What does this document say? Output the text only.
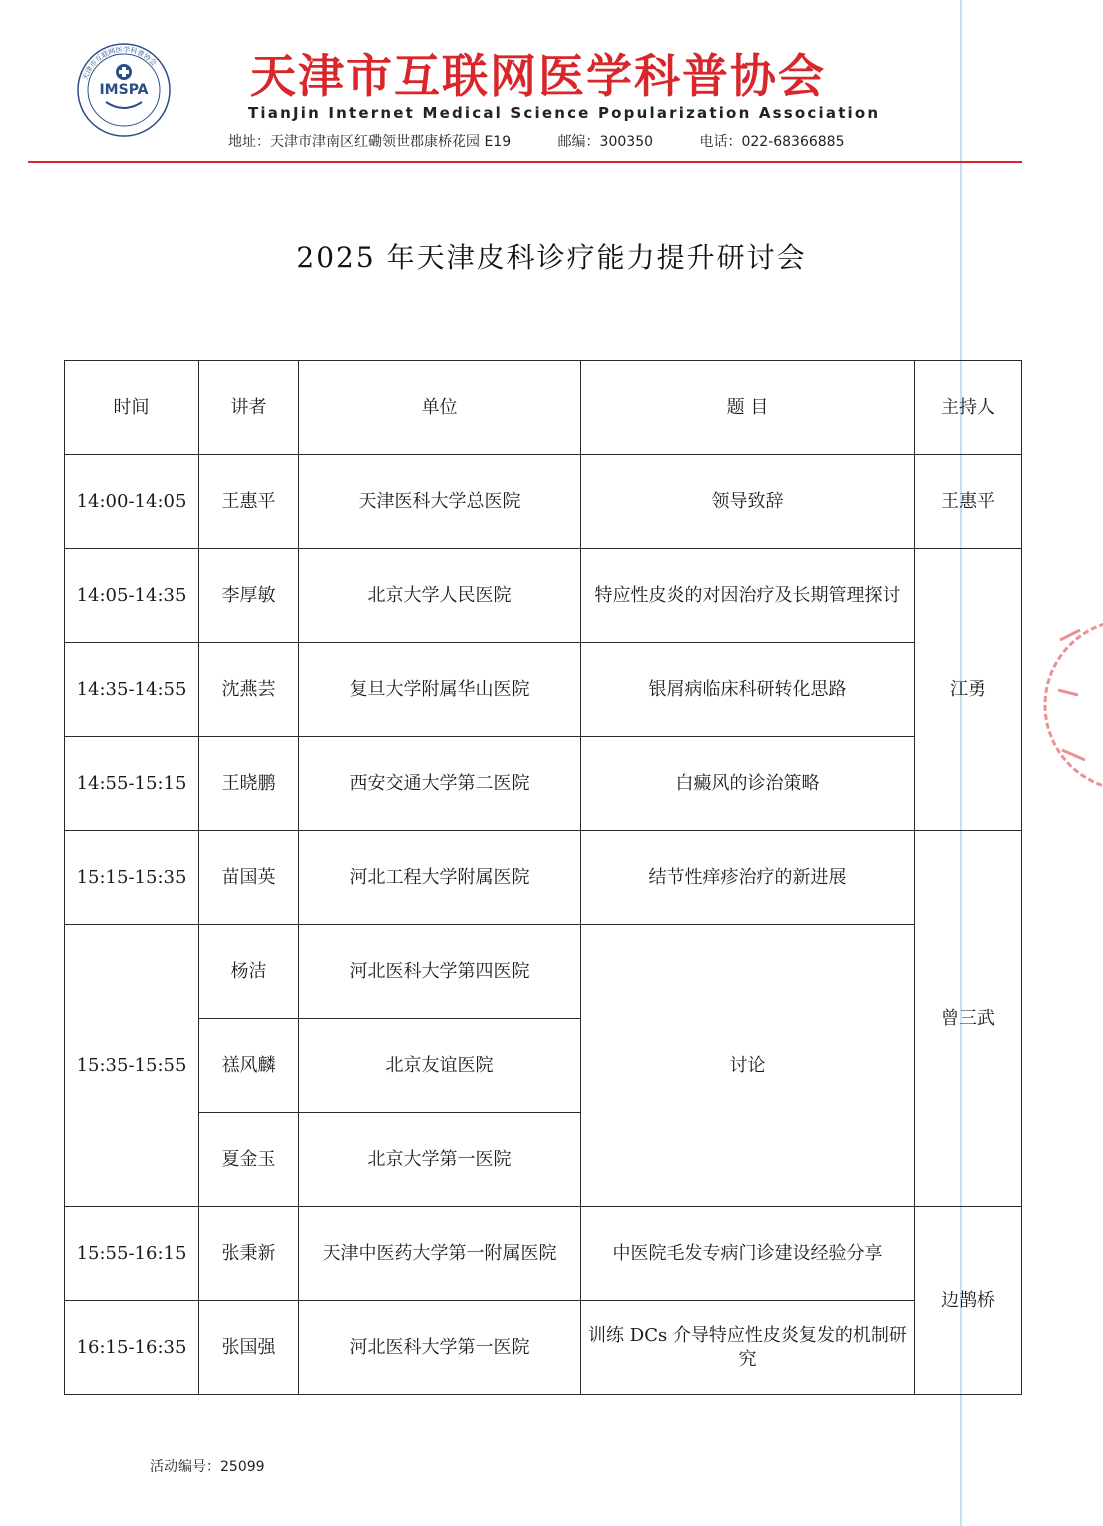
IMSPA
天津市互联网医学科普协会 天津市互联网医学科普协会
TianJin Internet Medical Science Popularization Association
地址：天津市津南区红磡领世郡康桥花园 E19	邮编：300350	电话：022-68366885
2025 年天津皮科诊疗能力提升研讨会
时间	讲者	单位	题 目	主持人
14:00-14:05	王惠平	天津医科大学总医院	领导致辞	王惠平
14:05-14:35	李厚敏	北京大学人民医院	特应性皮炎的对因治疗及长期管理探讨	江勇
14:35-14:55	沈燕芸	复旦大学附属华山医院	银屑病临床科研转化思路	
14:55-15:15	王晓鹏	西安交通大学第二医院	白癜风的诊治策略	
15:15-15:35	苗国英	河北工程大学附属医院	结节性痒疹治疗的新进展	曾三武
15:35-15:55	杨洁	河北医科大学第四医院	讨论	
	禚风麟	北京友谊医院		
	夏金玉	北京大学第一医院		
15:55-16:15	张秉新	天津中医药大学第一附属医院	中医院毛发专病门诊建设经验分享	边鹊桥
16:15-16:35	张国强	河北医科大学第一医院	训练 DCs 介导特应性皮炎复发的机制研究	
活动编号：25099
